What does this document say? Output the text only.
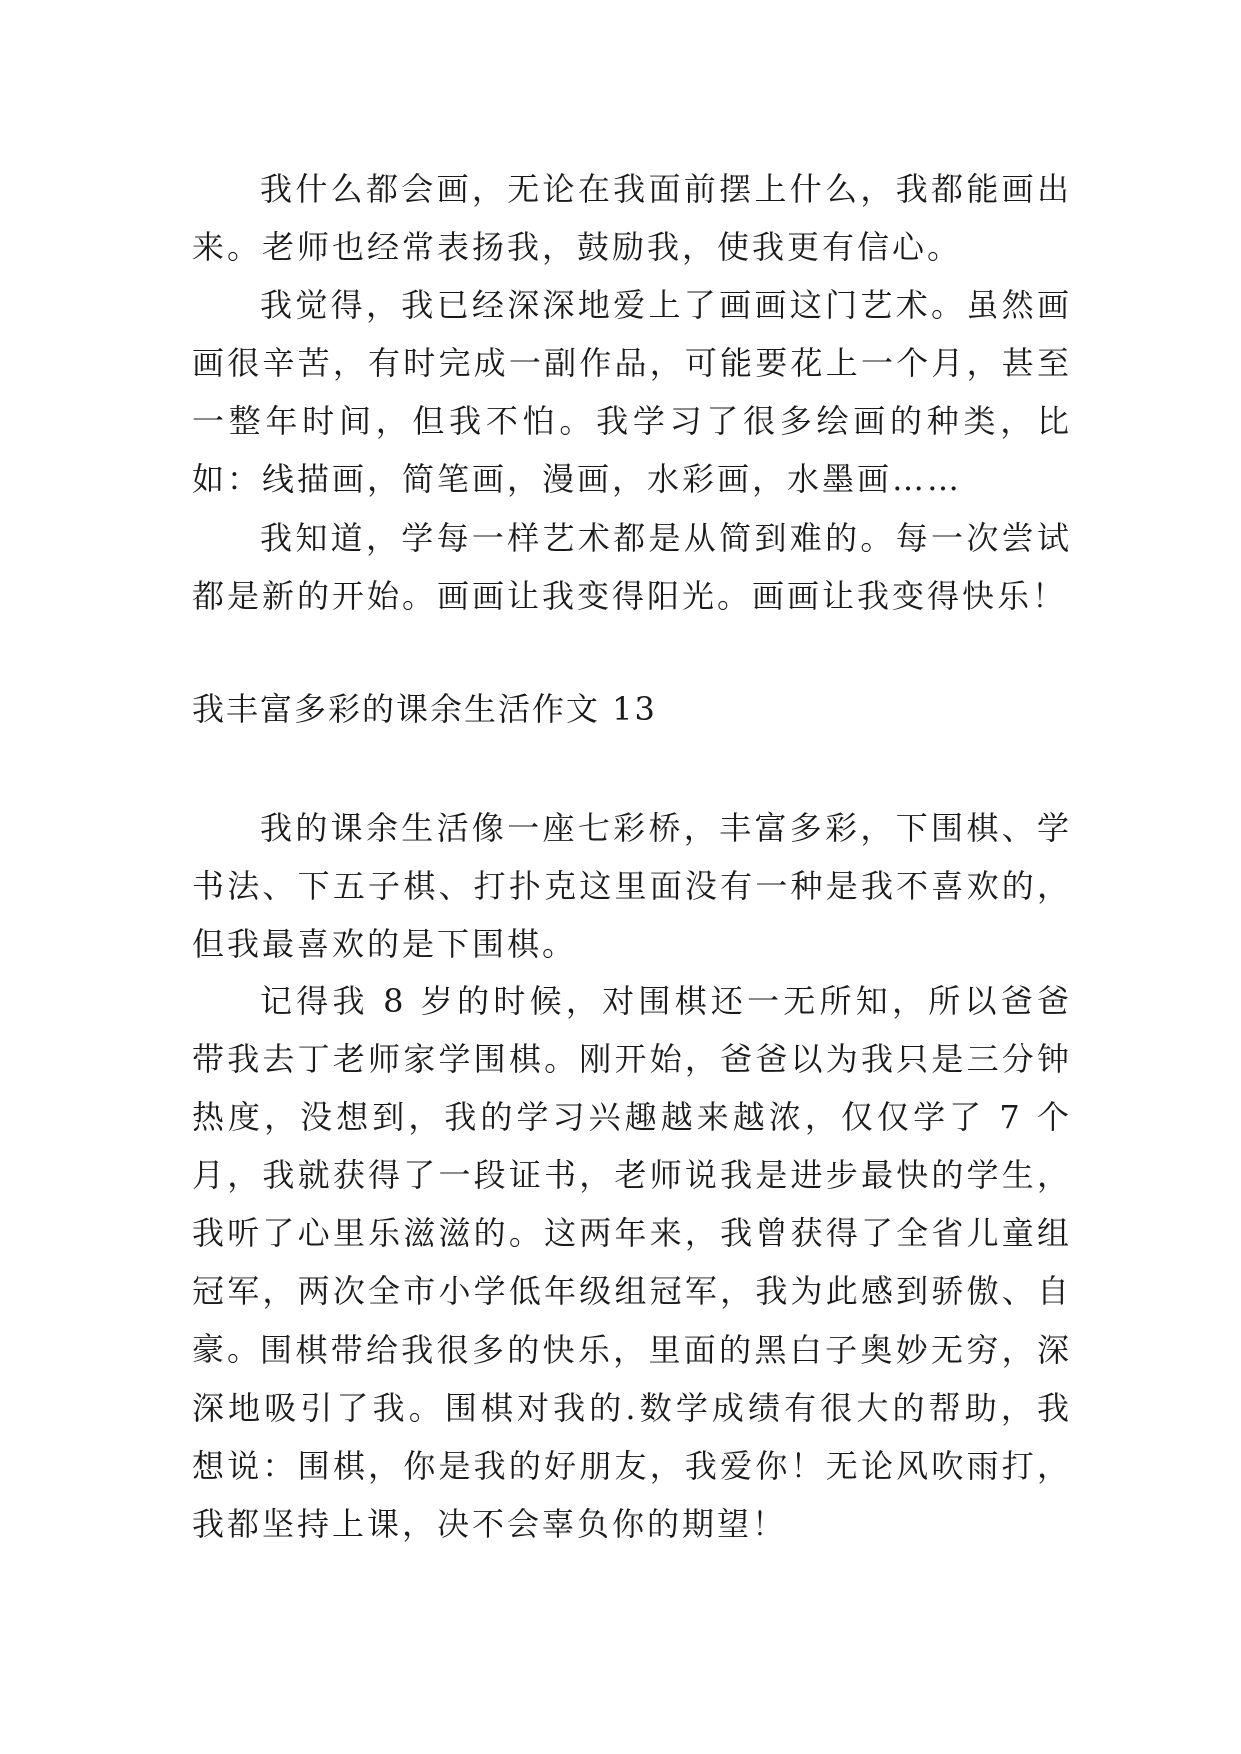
我什么都会画，无论在我面前摆上什么，我都能画出来。老师也经常表扬我，鼓励我，使我更有信心。

我觉得，我已经深深地爱上了画画这门艺术。虽然画画很辛苦，有时完成一副作品，可能要花上一个月，甚至一整年时间，但我不怕。我学习了很多绘画的种类，比如：线描画，简笔画，漫画，水彩画，水墨画……

我知道，学每一样艺术都是从简到难的。每一次尝试都是新的开始。画画让我变得阳光。画画让我变得快乐！

我丰富多彩的课余生活作文 13

我的课余生活像一座七彩桥，丰富多彩，下围棋、学书法、下五子棋、打扑克这里面没有一种是我不喜欢的，但我最喜欢的是下围棋。

记得我 8 岁的时候，对围棋还一无所知，所以爸爸带我去丁老师家学围棋。刚开始，爸爸以为我只是三分钟热度，没想到，我的学习兴趣越来越浓，仅仅学了 7 个月，我就获得了一段证书，老师说我是进步最快的学生，我听了心里乐滋滋的。这两年来，我曾获得了全省儿童组冠军，两次全市小学低年级组冠军，我为此感到骄傲、自豪。

围棋带给我很多的快乐，里面的黑白子奥妙无穷，深深地吸引了我。围棋对我的.数学成绩有很大的帮助，我想说：围棋，你是我的好朋友，我爱你！无论风吹雨打，我都坚持上课，决不会辜负你的期望！
